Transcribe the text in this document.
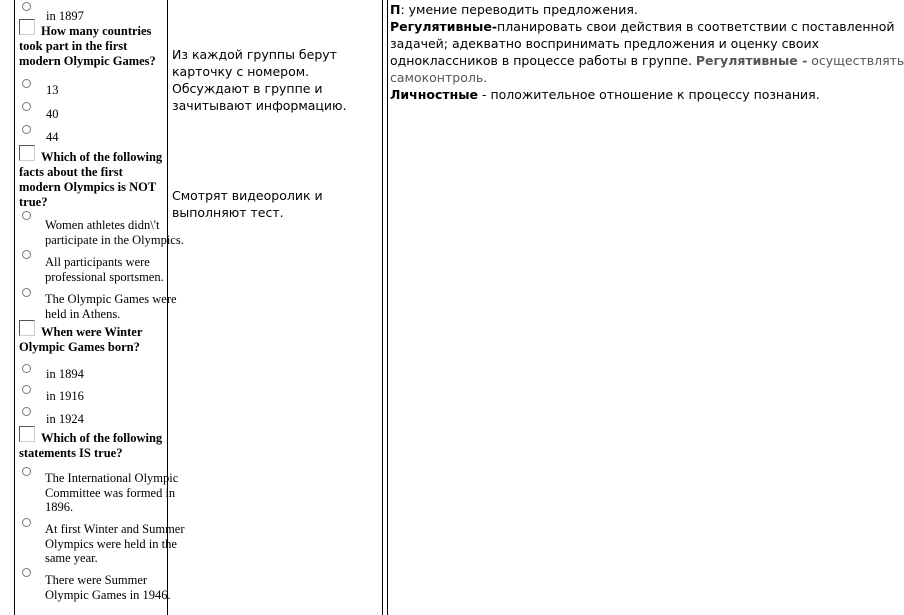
in 1897
How many countries took part in the first modern Olympic Games?
13
40
44
Which of the following facts about the first modern Olympics is NOT true?
Women athletes didn\'t participate in the Olympics.
All participants were professional sportsmen.
The Olympic Games were held in Athens.
When were Winter Olympic Games born?
in 1894
in 1916
in 1924
Which of the following statements IS true?
The International Olympic Committee was formed in 1896.
At first Winter and Summer Olympics were held in the same year.
There were Summer Olympic Games in 1946.
Из каждой группы берут карточку с номером. Обсуждают в группе и зачитывают информацию.
Смотрят видеоролик и выполняют тест.
П: умение переводить предложения.
Регулятивные-планировать свои действия в соответствии с поставленной
задачей; адекватно воспринимать предложения и оценку своих
одноклассников в процессе работы в группе. Регулятивные - осуществлять
самоконтроль.
Личностные - положительное отношение к процессу познания.
